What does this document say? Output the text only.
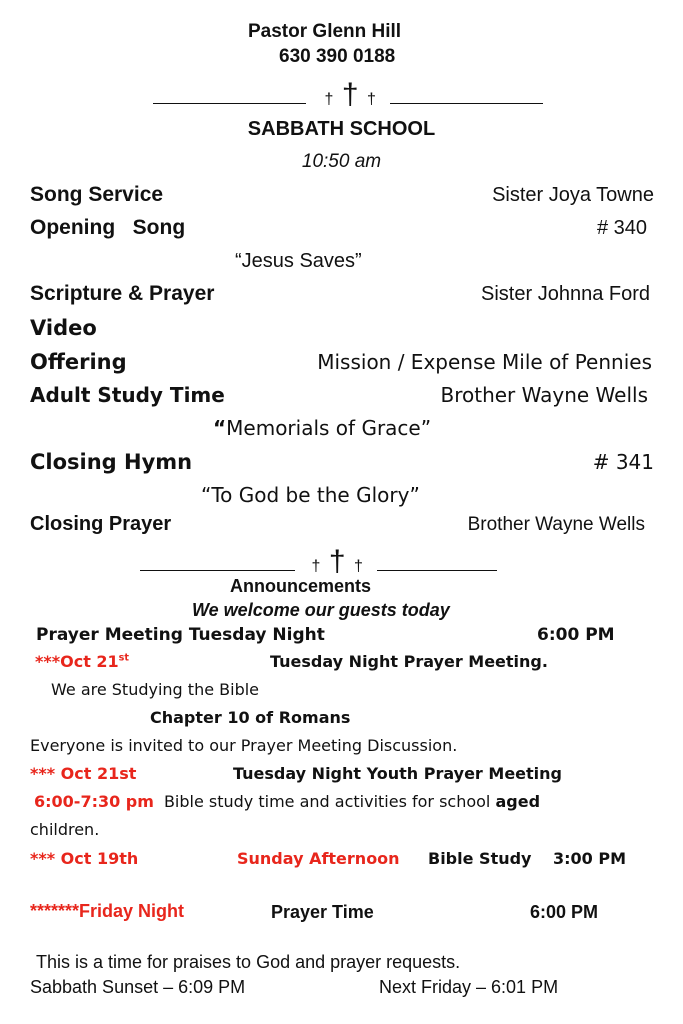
Pastor Glenn Hill
630 390 0188
† † †
SABBATH SCHOOL
10:50 am
Song Service	Sister Joya Towne
Opening   Song	# 340
“Jesus Saves”
Scripture & Prayer	Sister Johnna Ford
Video
Offering	Mission / Expense Mile of Pennies
Adult Study Time	Brother Wayne Wells
“Memorials of Grace”
Closing Hymn	# 341
“To God be the Glory”
Closing Prayer	Brother Wayne Wells
† † †
Announcements
We welcome our guests today
Prayer Meeting Tuesday Night	6:00 PM
***Oct 21st	Tuesday Night Prayer Meeting.
We are Studying the Bible
Chapter 10 of Romans
Everyone is invited to our Prayer Meeting Discussion.
*** Oct 21st	Tuesday Night Youth Prayer Meeting
6:00-7:30 pm Bible study time and activities for school aged
children.
*** Oct 19th	Sunday Afternoon Bible Study 3:00 PM
*******Friday Night	Prayer Time	6:00 PM
This is a time for praises to God and prayer requests.
Sabbath Sunset – 6:09 PM	Next Friday – 6:01 PM
